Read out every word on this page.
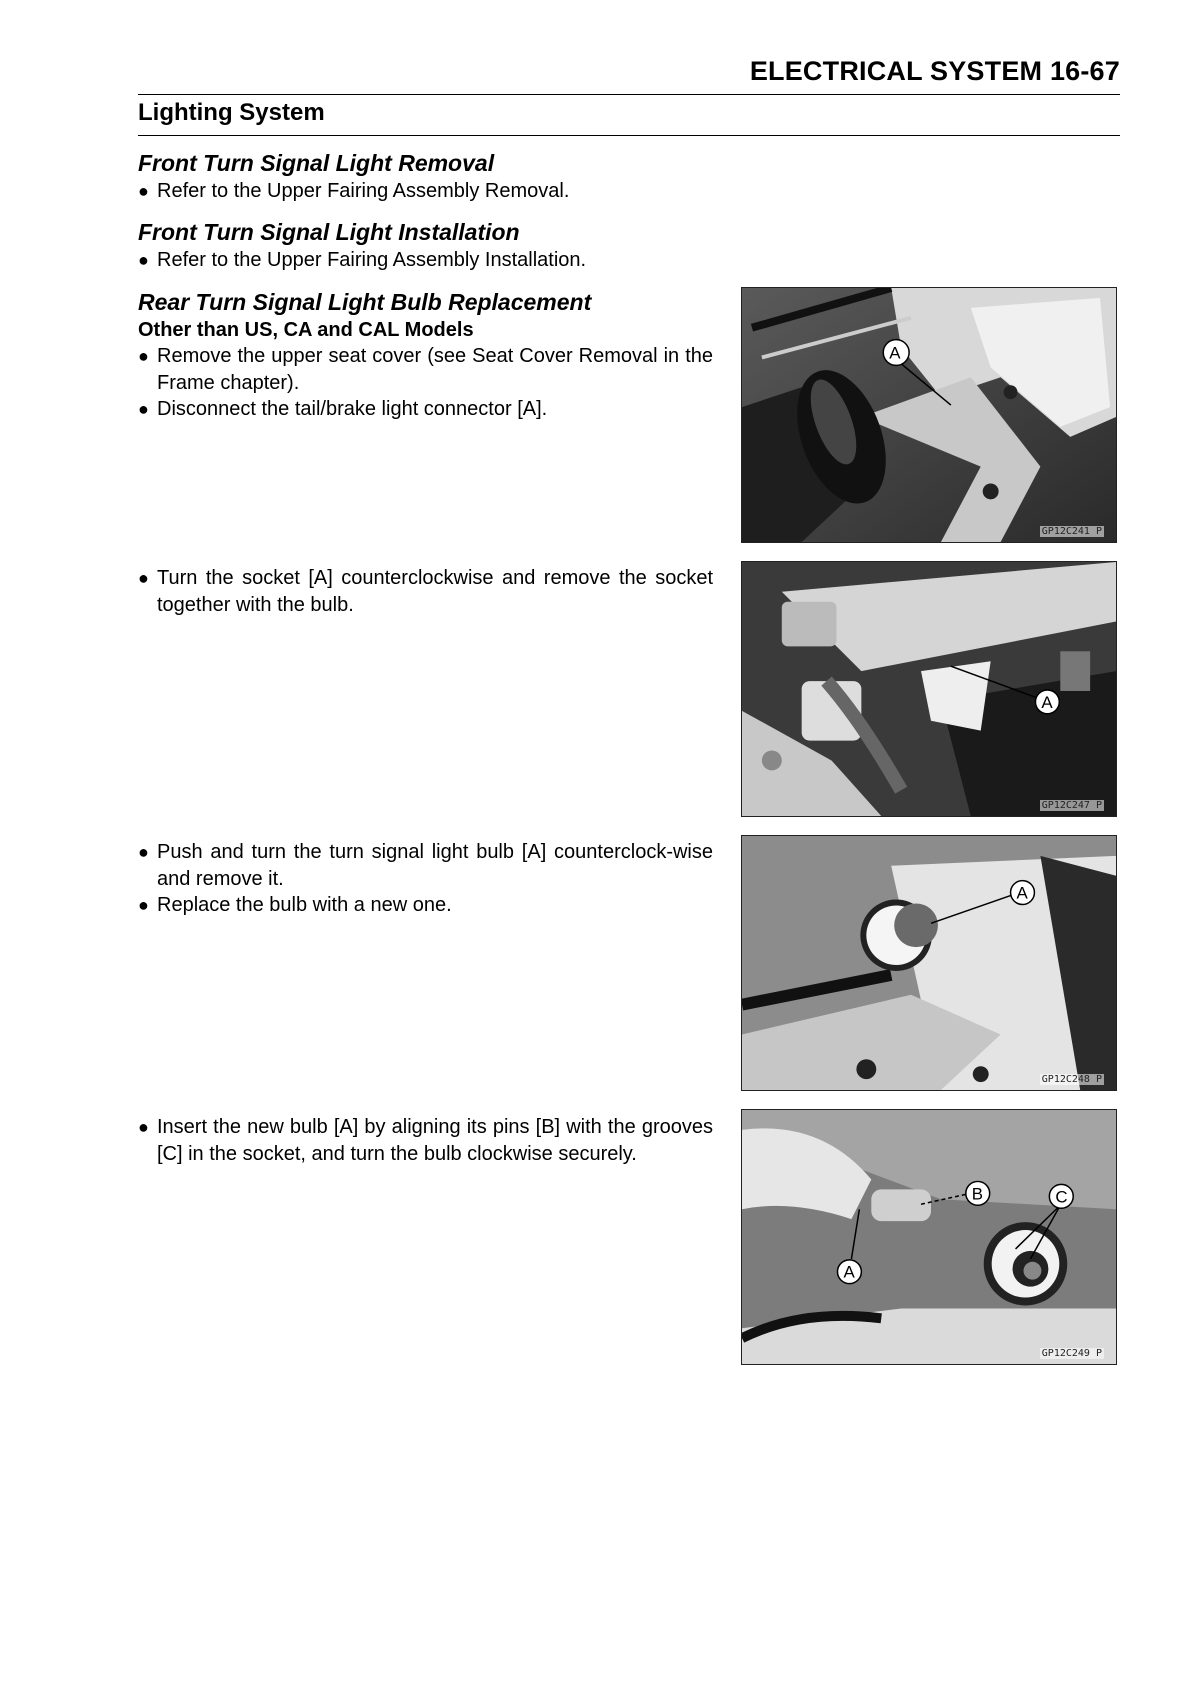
ELECTRICAL SYSTEM 16-67
Lighting System

Front Turn Signal Light Removal

● Refer to the Upper Fairing Assembly Removal.

Front Turn Signal Light Installation

● Refer to the Upper Fairing Assembly Installation.

Rear Turn Signal Light Bulb Replacement

Other than US, CA and CAL Models

● Remove the upper seat cover (see Seat Cover Removal in the Frame chapter).

● Disconnect the tail/brake light connector [A].

● Turn the socket [A] counterclockwise and remove the socket together with the bulb.

● Push and turn the turn signal light bulb [A] counterclock-wise and remove it.

● Replace the bulb with a new one.

● Insert the new bulb [A] by aligning its pins [B] with the grooves [C] in the socket, and turn the bulb clockwise securely.

A
GP12C241 P
A
GP12C247 P
A
GP12C248 P
B	C
A
GP12C249 P
